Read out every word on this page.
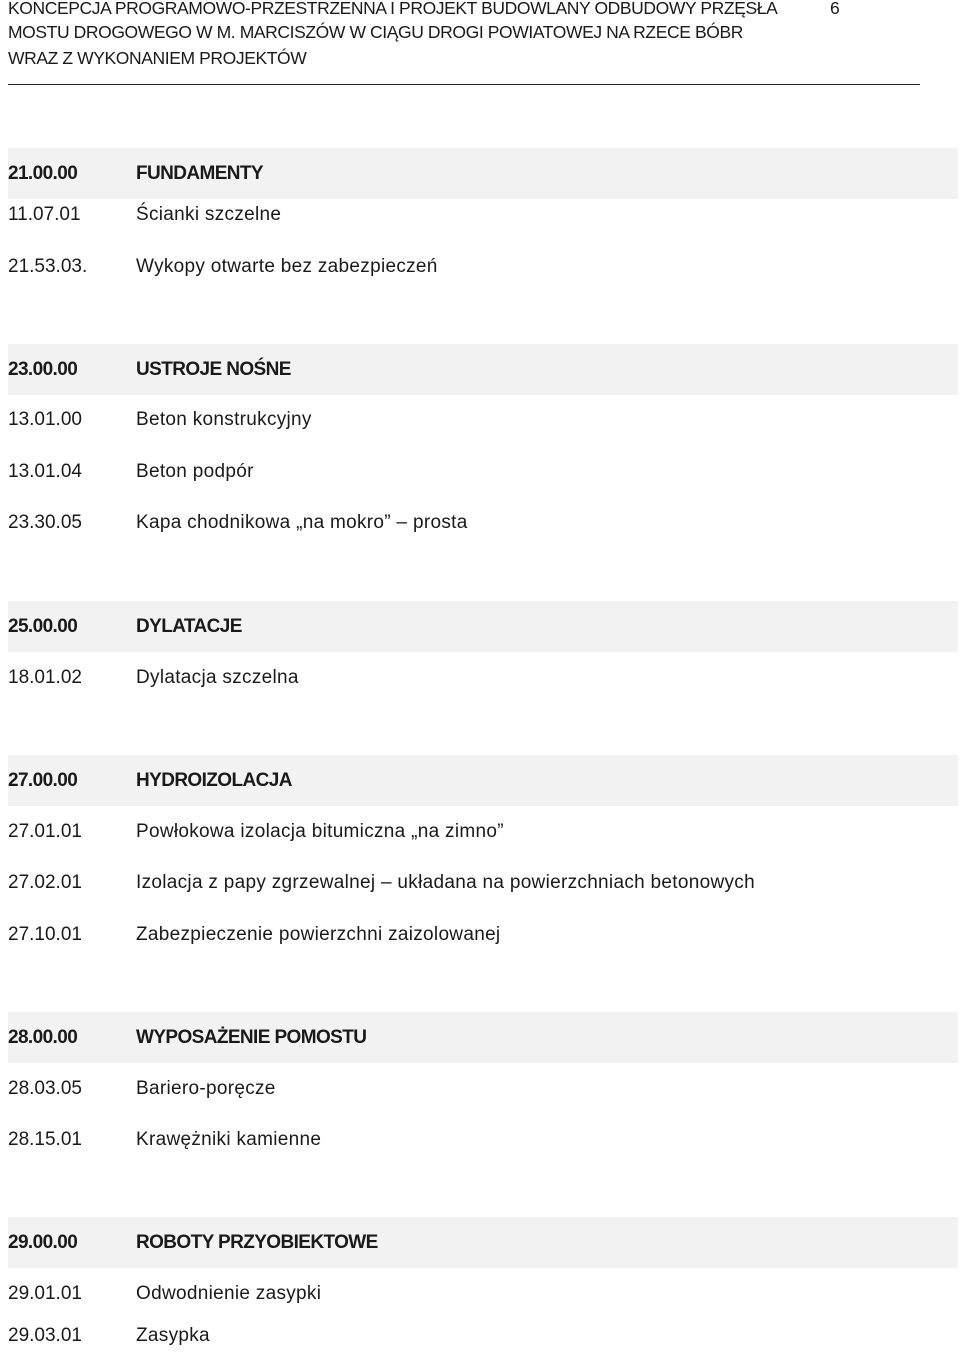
KONCEPCJA PROGRAMOWO-PRZESTRZENNA I PROJEKT BUDOWLANY ODBUDOWY PRZĘSŁA	6
MOSTU DROGOWEGO W M. MARCISZÓW W CIĄGU DROGI POWIATOWEJ NA RZECE BÓBR
WRAZ Z WYKONANIEM PROJEKTÓW
21.00.00	FUNDAMENTY
11.07.01	Ścianki szczelne
21.53.03.	Wykopy otwarte bez zabezpieczeń
23.00.00	USTROJE NOŚNE
13.01.00	Beton konstrukcyjny
13.01.04	Beton podpór
23.30.05	Kapa chodnikowa „na mokro” – prosta
25.00.00	DYLATACJE
18.01.02	Dylatacja szczelna
27.00.00	HYDROIZOLACJA
27.01.01	Powłokowa izolacja bitumiczna „na zimno”
27.02.01	Izolacja z papy zgrzewalnej – układana na powierzchniach betonowych
27.10.01	Zabezpieczenie powierzchni zaizolowanej
28.00.00	WYPOSAŻENIE POMOSTU
28.03.05	Bariero-poręcze
28.15.01	Krawężniki kamienne
29.00.00	ROBOTY PRZYOBIEKTOWE
29.01.01	Odwodnienie zasypki
29.03.01	Zasypka
